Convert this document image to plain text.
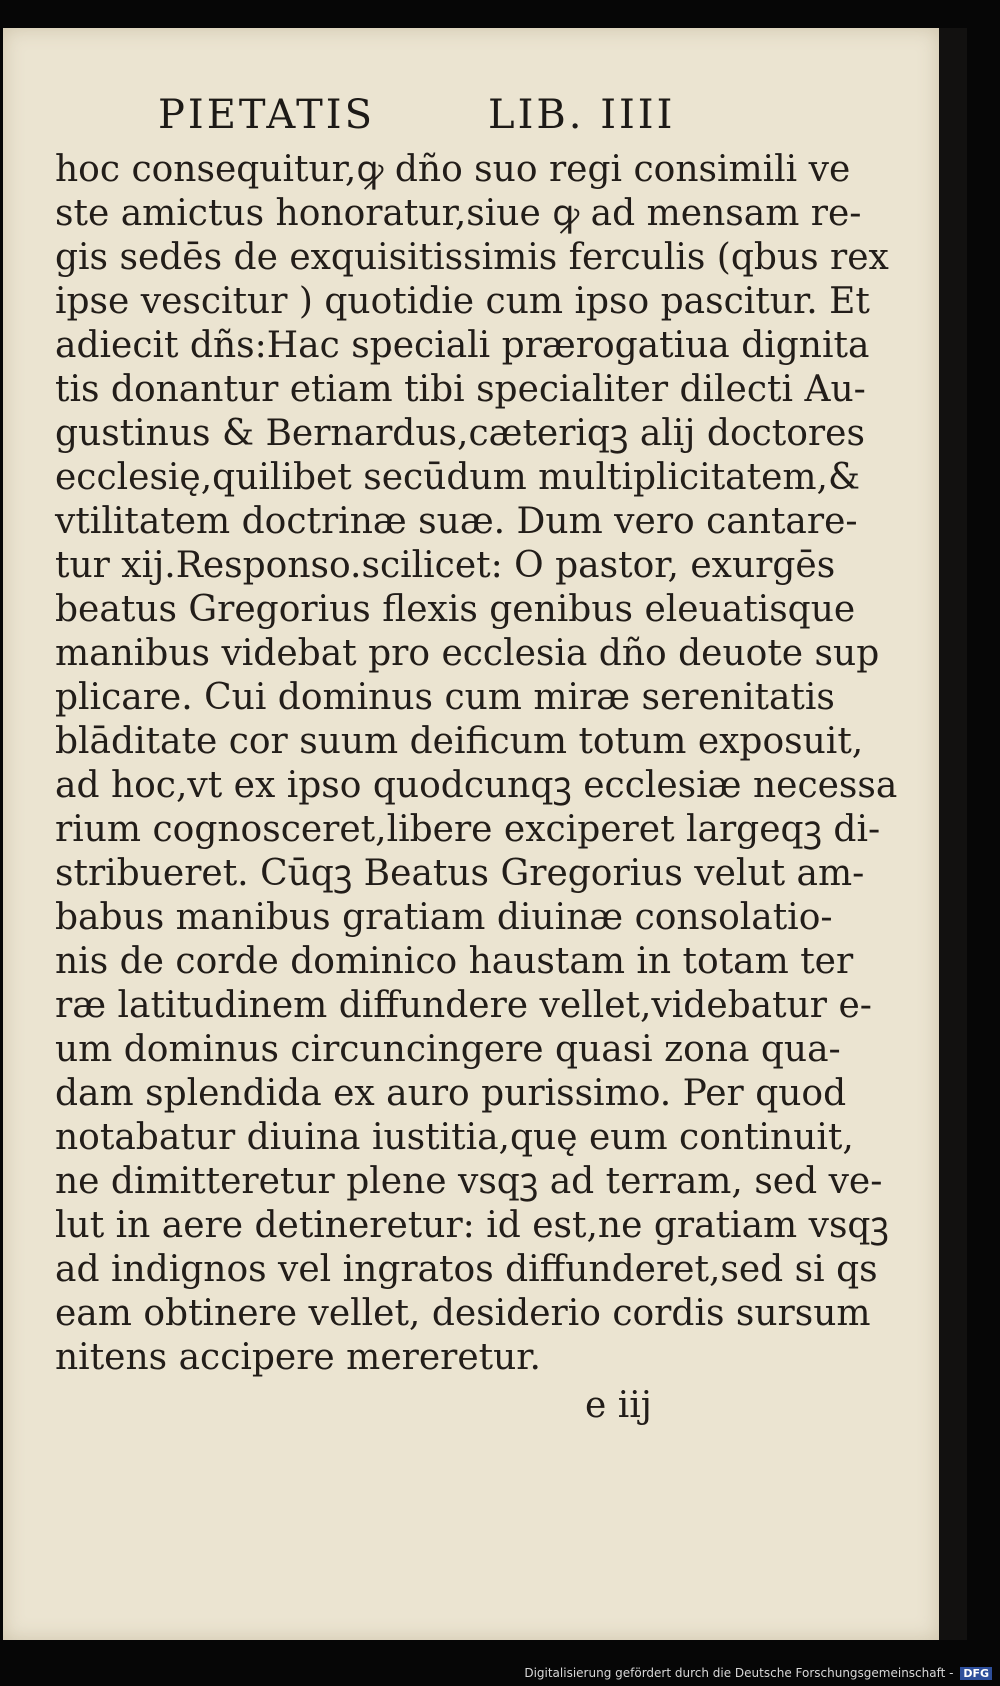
PIETATIS	LIB. IIII
hoc consequitur,ꝙ dño suo regi consimili ve
ste amictus honoratur,siue ꝙ ad mensam re-
gis sedēs de exquisitissimis ferculis (qbus rex
ipse vescitur ) quotidie cum ipso pascitur. Et
adiecit dñs:Hac speciali prærogatiua dignita
tis donantur etiam tibi specialiter dilecti Au-
gustinus & Bernardus,cæteriqꝫ alij doctores
ecclesię,quilibet secūdum multiplicitatem,&
vtilitatem doctrinæ suæ. Dum vero cantare-
tur xij.Responso.scilicet: O pastor, exurgēs
beatus Gregorius flexis genibus eleuatisque
manibus videbat pro ecclesia dño deuote sup
plicare. Cui dominus cum miræ serenitatis
blāditate cor suum deificum totum exposuit,
ad hoc,vt ex ipso quodcunqꝫ ecclesiæ necessa
rium cognosceret,libere exciperet largeqꝫ di-
stribueret. Cūqꝫ Beatus Gregorius velut am-
babus manibus gratiam diuinæ consolatio-
nis de corde dominico haustam in totam ter
ræ latitudinem diffundere vellet,videbatur e-
um dominus circuncingere quasi zona qua-
dam splendida ex auro purissimo. Per quod
notabatur diuina iustitia,quę eum continuit,
ne dimitteretur plene vsqꝫ ad terram, sed ve-
lut in aere detineretur: id est,ne gratiam vsqꝫ
ad indignos vel ingratos diffunderet,sed si qs
eam obtinere vellet, desiderio cordis sursum
nitens accipere mereretur.
e iij
Digitalisierung gefördert durch die Deutsche Forschungsgemeinschaft - DFG
